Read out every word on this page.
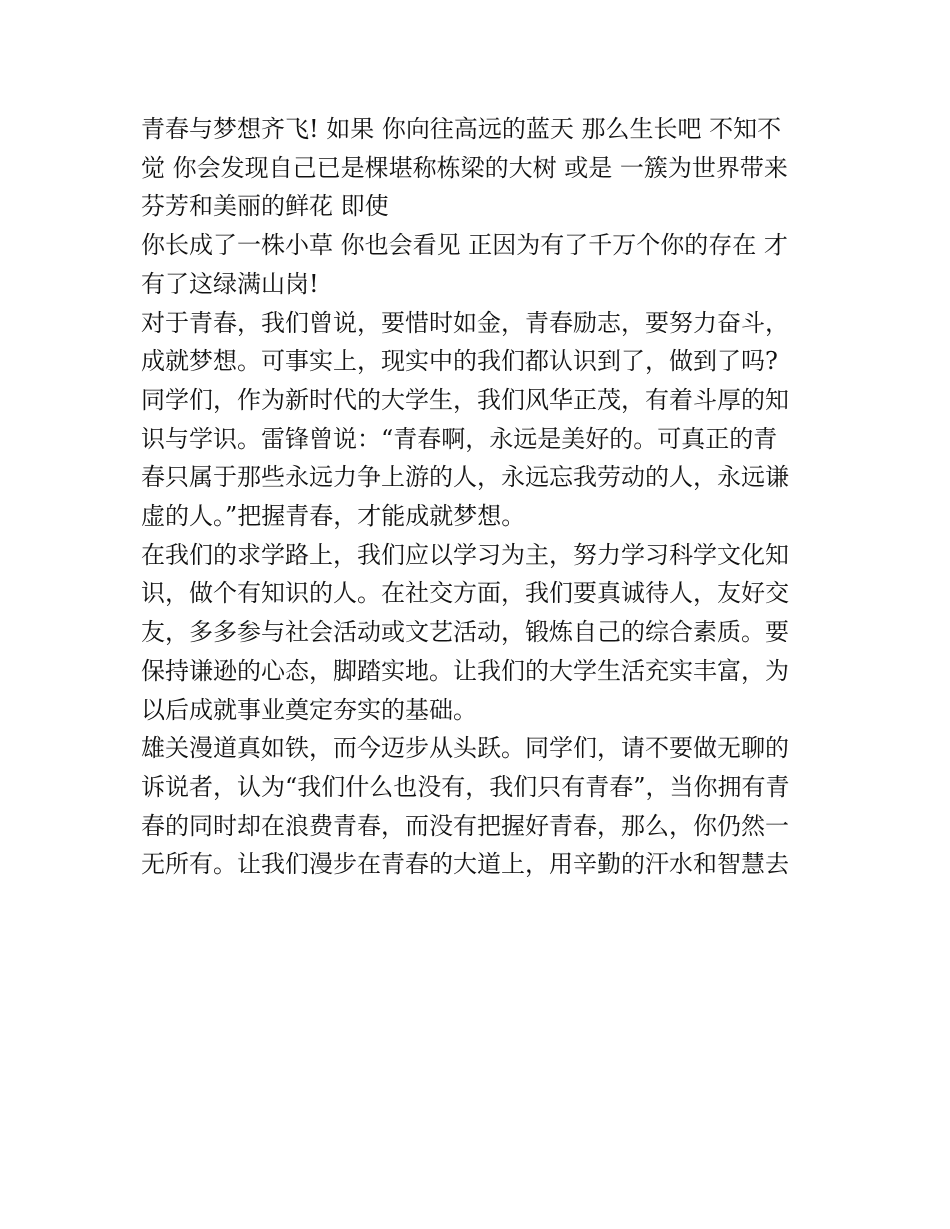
青春与梦想齐飞! 如果 你向往高远的蓝天 那么生长吧 不知不
觉 你会发现自己已是棵堪称栋梁的大树 或是 一簇为世界带来
芬芳和美丽的鲜花 即使

你长成了一株小草 你也会看见 正因为有了千万个你的存在 才
有了这绿满山岗!

对于青春，我们曾说，要惜时如金，青春励志，要努力奋斗，
成就梦想。可事实上，现实中的我们都认识到了，做到了吗?

同学们，作为新时代的大学生，我们风华正茂，有着斗厚的知
识与学识。雷锋曾说：“青春啊，永远是美好的。可真正的青
春只属于那些永远力争上游的人，永远忘我劳动的人，永远谦
虚的人。”把握青春，才能成就梦想。

在我们的求学路上，我们应以学习为主，努力学习科学文化知
识，做个有知识的人。在社交方面，我们要真诚待人，友好交
友，多多参与社会活动或文艺活动，锻炼自己的综合素质。要
保持谦逊的心态，脚踏实地。让我们的大学生活充实丰富，为
以后成就事业奠定夯实的基础。

雄关漫道真如铁，而今迈步从头跃。同学们，请不要做无聊的
诉说者，认为“我们什么也没有，我们只有青春”，当你拥有青
春的同时却在浪费青春，而没有把握好青春，那么，你仍然一
无所有。让我们漫步在青春的大道上，用辛勤的汗水和智慧去
